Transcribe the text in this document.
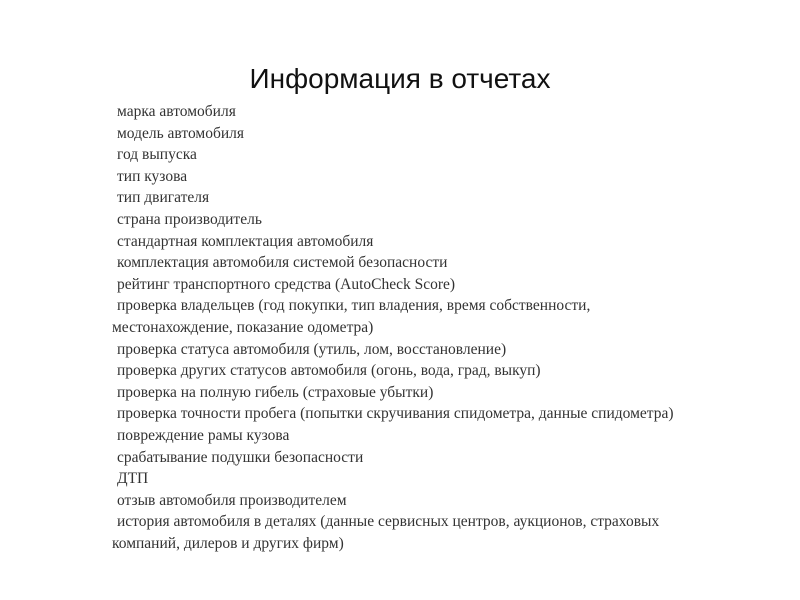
Информация в отчетах
марка автомобиля
модель автомобиля
год выпуска
тип кузова
тип двигателя
страна производитель
стандартная комплектация автомобиля
комплектация автомобиля системой безопасности
рейтинг транспортного средства (AutoCheck Score)
проверка владельцев (год покупки, тип владения, время собственности, местонахождение, показание одометра)
проверка статуса автомобиля (утиль, лом, восстановление)
проверка других статусов автомобиля (огонь, вода, град, выкуп)
проверка на полную гибель (страховые убытки)
проверка точности пробега (попытки скручивания спидометра, данные спидометра)
повреждение рамы кузова
срабатывание подушки безопасности
ДТП
отзыв автомобиля производителем
история автомобиля в деталях (данные сервисных центров, аукционов, страховых компаний, дилеров и других фирм)
